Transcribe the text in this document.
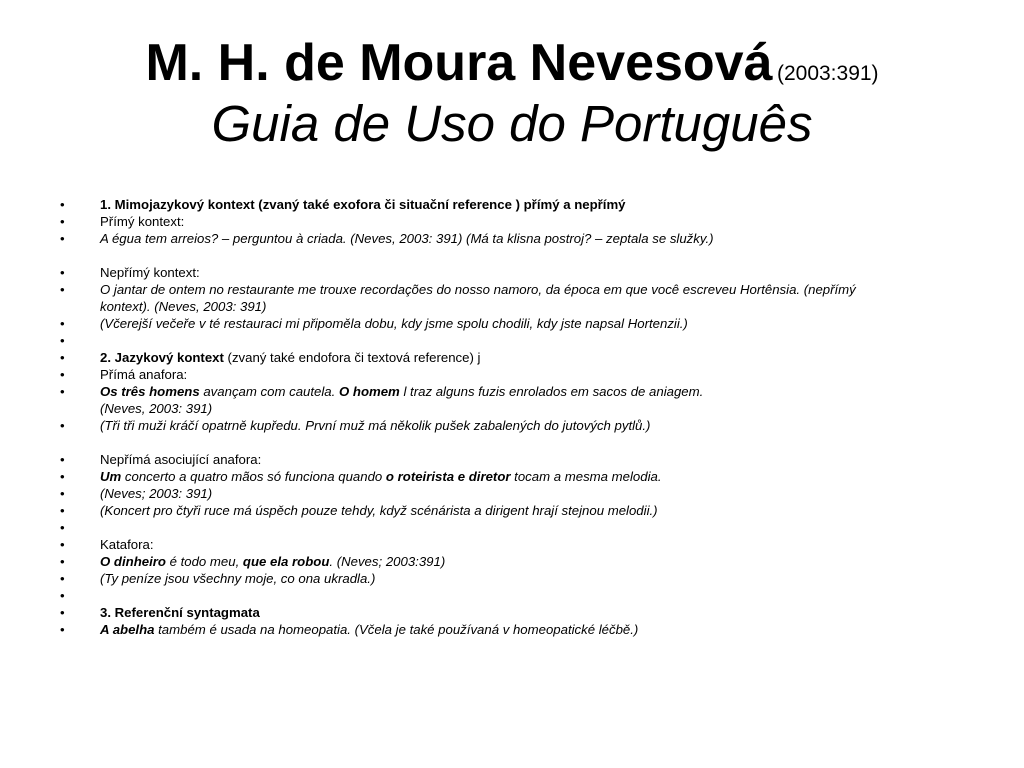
M. H. de Moura Nevesová (2003:391)
Guia de Uso do Português
•	1. Mimojazykový kontext (zvaný také exofora či situační reference ) přímý a nepřímý
•	Přímý kontext:
•	A égua tem arreios? – perguntou à criada. (Neves, 2003: 391) (Má ta klisna postroj? – zeptala se služky.)
•	Nepřímý kontext:
•	O jantar de ontem no restaurante me trouxe recordações do nosso namoro, da época em que você escreveu Hortênsia. (nepřímý
kontext). (Neves, 2003: 391)
•	(Včerejší večeře v té restauraci mi připoměla dobu, kdy jsme spolu chodili, kdy jste napsal Hortenzii.)
•
•	2. Jazykový kontext (zvaný také endofora či textová reference) j
•	Přímá anafora:
•	Os três homens avançam com cautela. O homem l traz alguns fuzis enrolados em sacos de aniagem.
(Neves, 2003: 391)
•	(Tři tři muži kráčí opatrně kupředu. První muž má několik pušek zabalených do jutových pytlů.)
•	Nepřímá asociující anafora:
•	Um concerto a quatro mãos só funciona quando o roteirista e diretor tocam a mesma melodia.
•	(Neves; 2003: 391)
•	(Koncert pro čtyři ruce má úspěch pouze tehdy, když scénárista a dirigent hrají stejnou melodii.)
•
•	Katafora:
•	O dinheiro é todo meu, que ela robou. (Neves; 2003:391)
•	(Ty peníze jsou všechny moje, co ona ukradla.)
•
•	3. Referenční syntagmata
•	A abelha também é usada na homeopatia. (Včela je také používaná v homeopatické léčbě.)
